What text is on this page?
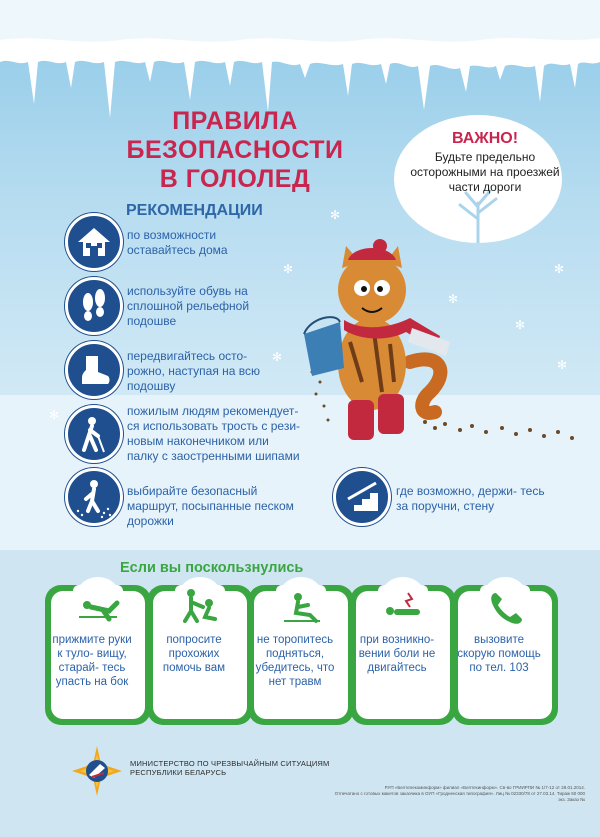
✻
✻
✻
✻
✻
✻
✻
✻
ПРАВИЛА
БЕЗОПАСНОСТИ
В ГОЛОЛЕД
РЕКОМЕНДАЦИИ
ВАЖНО!
Будьте предельно осторожными на проезжей части дороги
по возможности оставайтесь дома
используйте обувь на сплошной рельефной подошве
передвигайтесь осто- рожно, наступая на всю подошву
пожилым людям рекомендует- ся использовать трость с рези- новым наконечником или палку с заостренными шипами
выбирайте безопасный маршрут, посыпанные песком дорожки
где возможно, держи- тесь за поручни, стену
Если вы поскользнулись
прижмите руки к туло- вищу, старай- тесь упасть на бок
попросите прохожих помочь вам
не торопитесь подняться, убедитесь, что нет травм
при возникно- вении боли не двигайтесь
вызовите скорую помощь по тел. 103
МИНИСТЕРСТВО ПО ЧРЕЗВЫЧАЙНЫМ СИТУАЦИЯМ
РЕСПУБЛИКИ БЕЛАРУСЬ
РУП «Белтелекоминформ» филиал «Белтехинформ». Св-во ГРИИРПИ № 1/7-12 от 29.01.2014.
Отпечатано с готовых макетов заказчика в ОУП «Гродненская типография». Лиц № 02330/78 от 27.03.14. Тираж 50 000 экз. Заказ №
